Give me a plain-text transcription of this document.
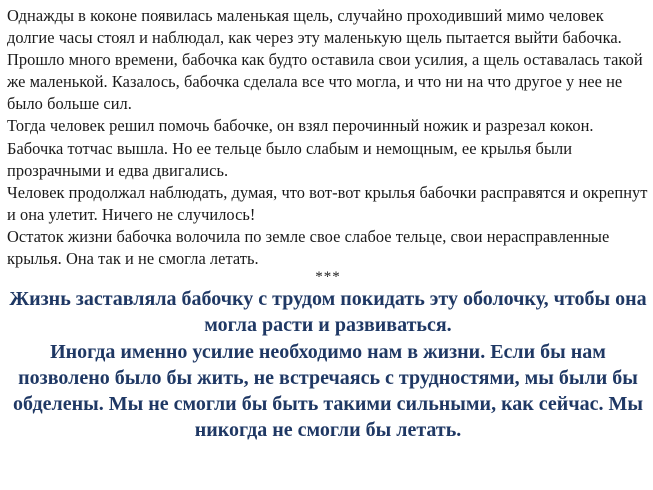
Однажды в коконе появилась маленькая щель, случайно проходивший мимо человек долгие часы стоял и наблюдал, как через эту маленькую щель пытается выйти бабочка.

Прошло много времени, бабочка как будто оставила свои усилия, а щель оставалась такой же маленькой. Казалось, бабочка сделала все что могла, и что ни на что другое у нее не было больше сил.

Тогда человек решил помочь бабочке, он взял перочинный ножик и разрезал кокон. Бабочка тотчас вышла. Но ее тельце было слабым и немощным, ее крылья были прозрачными и едва двигались.

Человек продолжал наблюдать, думая, что вот-вот крылья бабочки расправятся и окрепнут и она улетит. Ничего не случилось!

Остаток жизни бабочка волочила по земле свое слабое тельце, свои нерасправленные крылья. Она так и не смогла летать.

***

Жизнь заставляла бабочку с трудом покидать эту оболочку, чтобы она могла расти и развиваться.

Иногда именно усилие необходимо нам в жизни. Если бы нам позволено было бы жить, не встречаясь с трудностями, мы были бы обделены. Мы не смогли бы быть такими сильными, как сейчас. Мы никогда не смогли бы летать.
